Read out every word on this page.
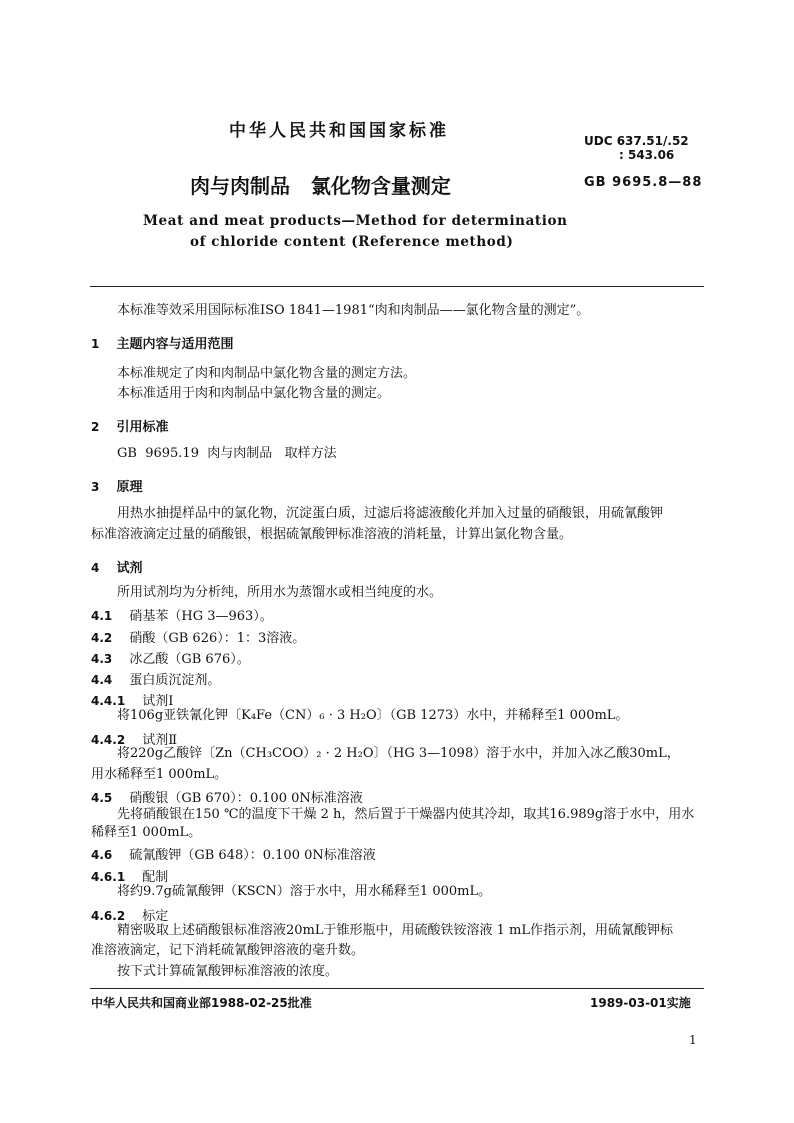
中华人民共和国国家标准	UDC 637.51/.52
: 543.06
肉与肉制品   氯化物含量测定	GB 9695.8—88
Meat and meat products—Method for determination
of chloride content (Reference method)
本标准等效采用国际标准ISO 1841—1981“肉和肉制品——氯化物含量的测定”。
1 主题内容与适用范围
本标准规定了肉和肉制品中氯化物含量的测定方法。
本标准适用于肉和肉制品中氯化物含量的测定。
2 引用标准
GB  9695.19  肉与肉制品   取样方法
3 原理
用热水抽提样品中的氯化物，沉淀蛋白质，过滤后将滤液酸化并加入过量的硝酸银，用硫氰酸钾
标准溶液滴定过量的硝酸银，根据硫氰酸钾标准溶液的消耗量，计算出氯化物含量。
4 试剂
所用试剂均为分析纯，所用水为蒸馏水或相当纯度的水。
4.1 硝基苯（HG 3—963）。
4.2 硝酸（GB 626）：1：3溶液。
4.3 冰乙酸（GB 676）。
4.4 蛋白质沉淀剂。
4.4.1 试剂Ⅰ
将106g亚铁氰化钾〔K₄Fe（CN）₆ · 3 H₂O〕（GB 1273）水中，并稀释至1 000mL。
4.4.2 试剂Ⅱ
将220g乙酸锌〔Zn（CH₃COO）₂ · 2 H₂O〕（HG 3—1098）溶于水中，并加入冰乙酸30mL，
用水稀释至1 000mL。
4.5 硝酸银（GB 670）：0.100 0N标准溶液
先将硝酸银在150 ℃的温度下干燥 2 h，然后置于干燥器内使其冷却，取其16.989g溶于水中，用水
稀释至1 000mL。
4.6 硫氰酸钾（GB 648）：0.100 0N标准溶液
4.6.1 配制
将约9.7g硫氰酸钾（KSCN）溶于水中，用水稀释至1 000mL。
4.6.2 标定
精密吸取上述硝酸银标准溶液20mL于锥形瓶中，用硫酸铁铵溶液 1 mL作指示剂，用硫氰酸钾标
准溶液滴定，记下消耗硫氰酸钾溶液的毫升数。
按下式计算硫氰酸钾标准溶液的浓度。
中华人民共和国商业部1988-02-25批准	1989-03-01实施
1
